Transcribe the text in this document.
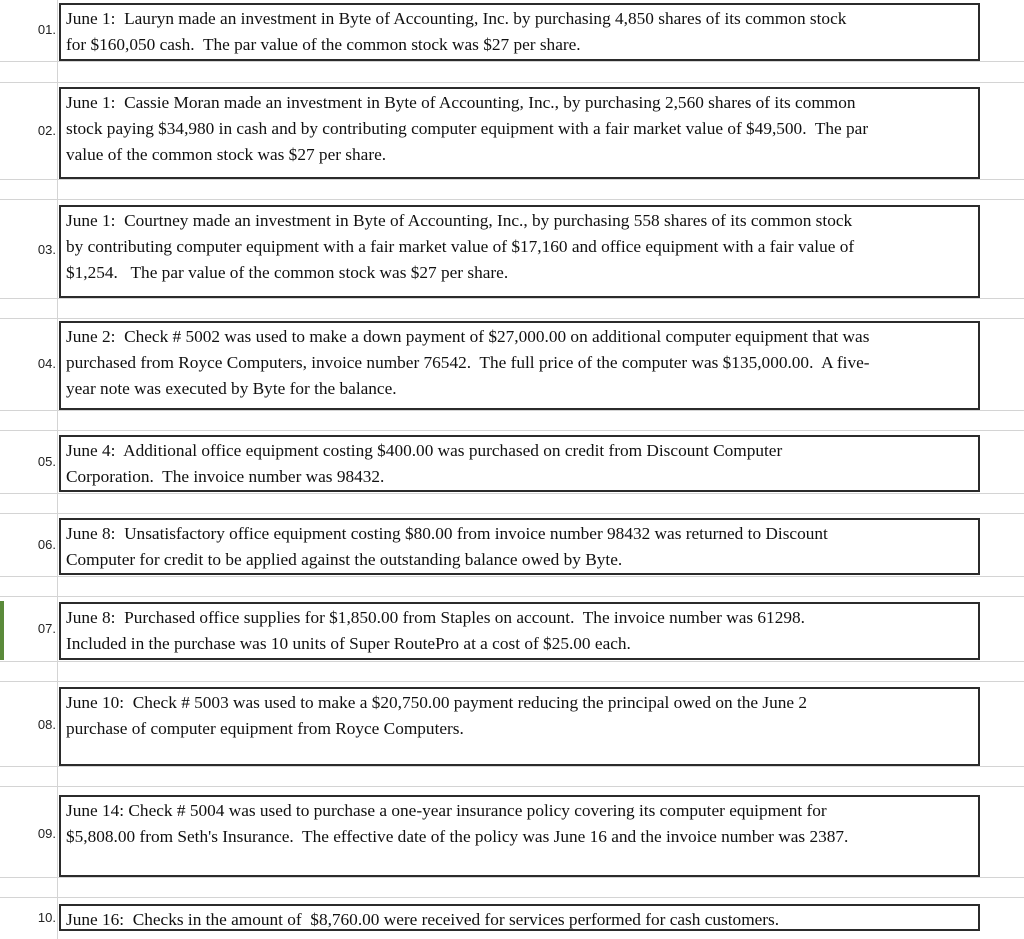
01.
June 1:  Lauryn made an investment in Byte of Accounting, Inc. by purchasing 4,850 shares of its common stock
for $160,050 cash.  The par value of the common stock was $27 per share.
02.
June 1:  Cassie Moran made an investment in Byte of Accounting, Inc., by purchasing 2,560 shares of its common
stock paying $34,980 in cash and by contributing computer equipment with a fair market value of $49,500.  The par
value of the common stock was $27 per share.
03.
June 1:  Courtney made an investment in Byte of Accounting, Inc., by purchasing 558 shares of its common stock
by contributing computer equipment with a fair market value of $17,160 and office equipment with a fair value of
$1,254.   The par value of the common stock was $27 per share.
04.
June 2:  Check # 5002 was used to make a down payment of $27,000.00 on additional computer equipment that was
purchased from Royce Computers, invoice number 76542.  The full price of the computer was $135,000.00.  A five-
year note was executed by Byte for the balance.
05.
June 4:  Additional office equipment costing $400.00 was purchased on credit from Discount Computer
Corporation.  The invoice number was 98432.
06.
June 8:  Unsatisfactory office equipment costing $80.00 from invoice number 98432 was returned to Discount
Computer for credit to be applied against the outstanding balance owed by Byte.
07.
June 8:  Purchased office supplies for $1,850.00 from Staples on account.  The invoice number was 61298.
Included in the purchase was 10 units of Super RoutePro at a cost of $25.00 each.
08.
June 10:  Check # 5003 was used to make a $20,750.00 payment reducing the principal owed on the June 2
purchase of computer equipment from Royce Computers.
09.
June 14: Check # 5004 was used to purchase a one-year insurance policy covering its computer equipment for
$5,808.00 from Seth's Insurance.  The effective date of the policy was June 16 and the invoice number was 2387.
10. June 16:  Checks in the amount of  $8,760.00 were received for services performed for cash customers.
